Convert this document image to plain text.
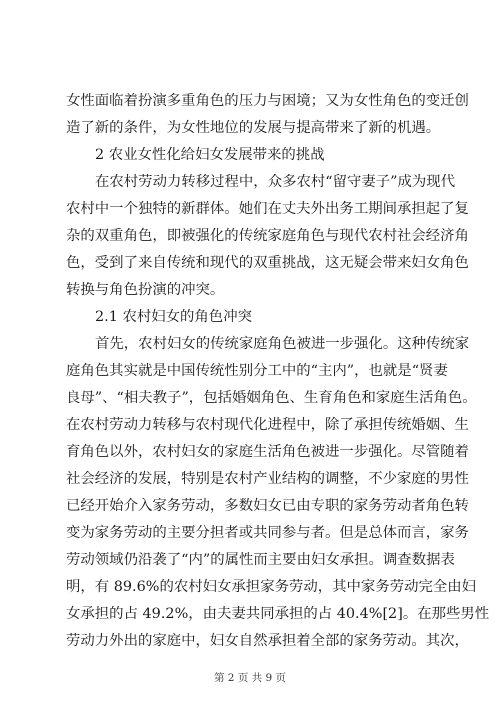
女性面临着扮演多重角色的压力与困境；又为女性角色的变迁创
造了新的条件，为女性地位的发展与提高带来了新的机遇。
2 农业女性化给妇女发展带来的挑战
在农村劳动力转移过程中，众多农村“留守妻子”成为现代
农村中一个独特的新群体。她们在丈夫外出务工期间承担起了复
杂的双重角色，即被强化的传统家庭角色与现代农村社会经济角
色，受到了来自传统和现代的双重挑战，这无疑会带来妇女角色
转换与角色扮演的冲突。
2.1 农村妇女的角色冲突
首先，农村妇女的传统家庭角色被进一步强化。这种传统家
庭角色其实就是中国传统性别分工中的“主内”，也就是“贤妻
良母”、“相夫教子”，包括婚姻角色、生育角色和家庭生活角色。
在农村劳动力转移与农村现代化进程中，除了承担传统婚姻、生
育角色以外，农村妇女的家庭生活角色被进一步强化。尽管随着
社会经济的发展，特别是农村产业结构的调整，不少家庭的男性
已经开始介入家务劳动，多数妇女已由专职的家务劳动者角色转
变为家务劳动的主要分担者或共同参与者。但是总体而言，家务
劳动领域仍沿袭了“内”的属性而主要由妇女承担。调查数据表
明，有 89.6%的农村妇女承担家务劳动，其中家务劳动完全由妇
女承担的占 49.2%，由夫妻共同承担的占 40.4%[2]。在那些男性
劳动力外出的家庭中，妇女自然承担着全部的家务劳动。其次，
第 2 页 共 9 页
